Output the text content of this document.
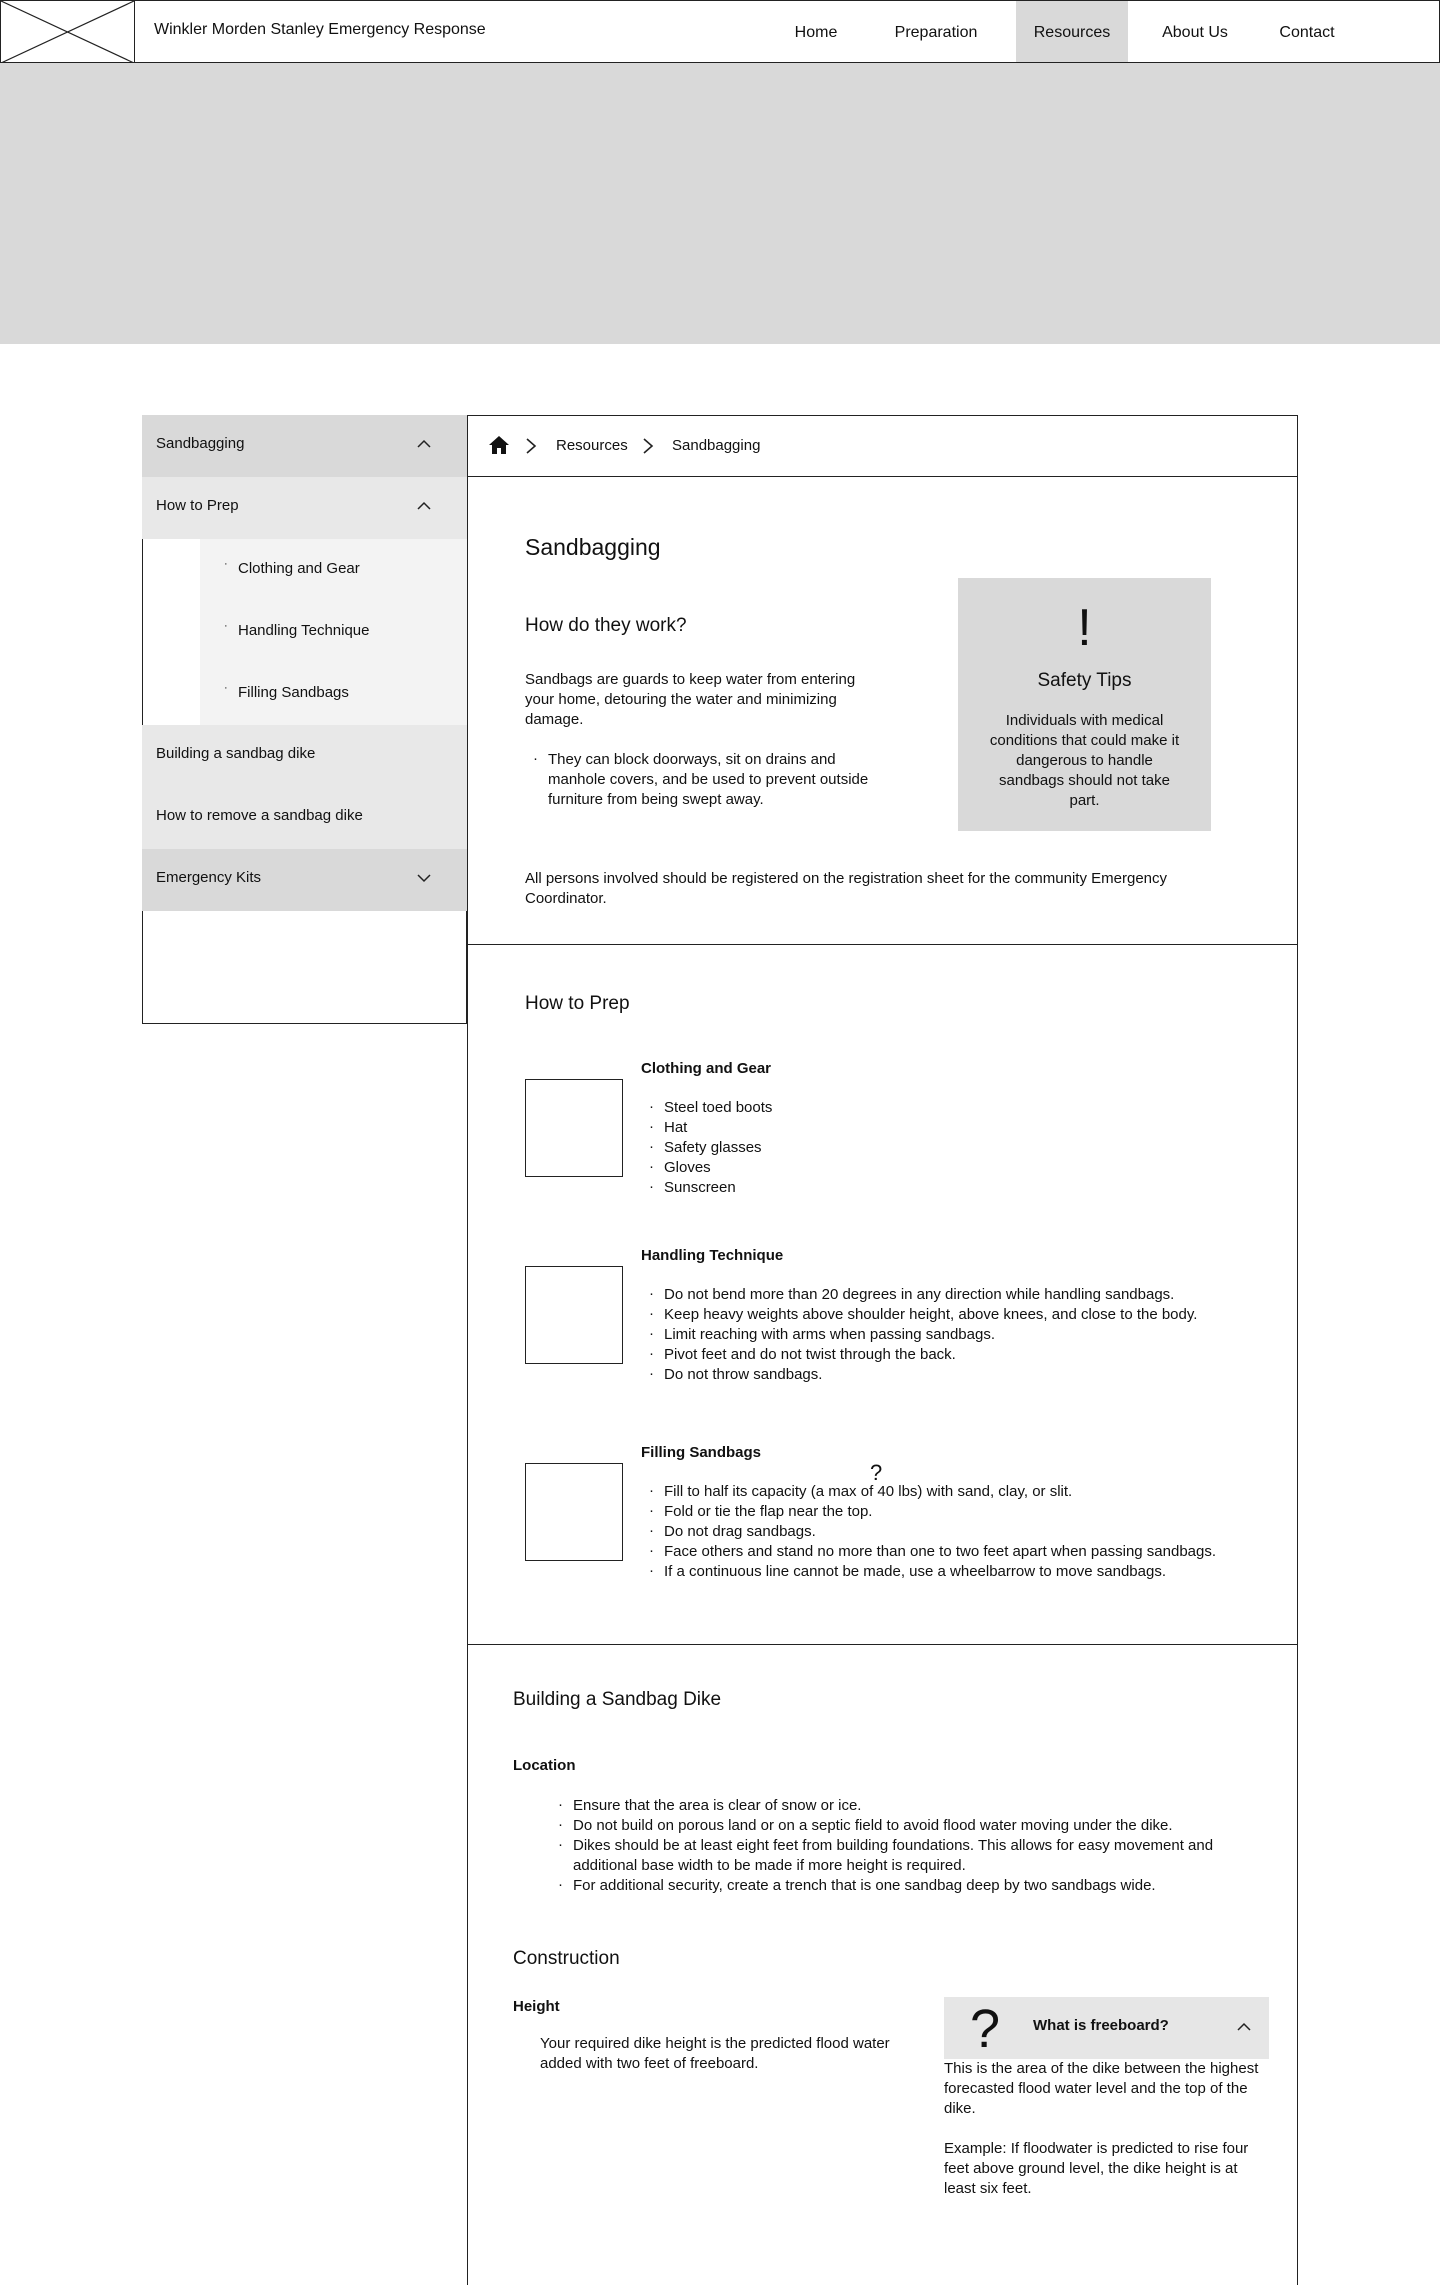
Winkler Morden Stanley Emergency Response	Home	Preparation	Resources	About Us	Contact
Sandbagging
How to Prep
· Clothing and Gear
· Handling Technique
· Filling Sandbags
Building a sandbag dike
How to remove a sandbag dike
Emergency Kits
Resources	Sandbagging
Sandbagging
How do they work?
Sandbags are guards to keep water from entering your home, detouring the water and minimizing damage.
· They can block doorways, sit on drains and manhole covers, and be used to prevent outside furniture from being swept away.
!
Safety Tips
Individuals with medical conditions that could make it dangerous to handle sandbags should not take part.
All persons involved should be registered on the registration sheet for the community Emergency Coordinator.
How to Prep
Clothing and Gear
· Steel toed boots
· Hat
· Safety glasses
· Gloves
· Sunscreen
Handling Technique
· Do not bend more than 20 degrees in any direction while handling sandbags.
· Keep heavy weights above shoulder height, above knees, and close to the body.
· Limit reaching with arms when passing sandbags.
· Pivot feet and do not twist through the back.
· Do not throw sandbags.
Filling Sandbags
· Fill to half its capacity (a max of 40 lbs) with sand, clay, or slit.
· Fold or tie the flap near the top.
· Do not drag sandbags.
· Face others and stand no more than one to two feet apart when passing sandbags.
· If a continuous line cannot be made, use a wheelbarrow to move sandbags.
?
Building a Sandbag Dike
Location
· Ensure that the area is clear of snow or ice.
· Do not build on porous land or on a septic field to avoid flood water moving under the dike.
· Dikes should be at least eight feet from building foundations. This allows for easy movement and additional base width to be made if more height is required.
· For additional security, create a trench that is one sandbag deep by two sandbags wide.
Construction
Height
Your required dike height is the predicted flood water added with two feet of freeboard.
? What is freeboard?
This is the area of the dike between the highest forecasted flood water level and the top of the dike.
Example: If floodwater is predicted to rise four feet above ground level, the dike height is at least six feet.
